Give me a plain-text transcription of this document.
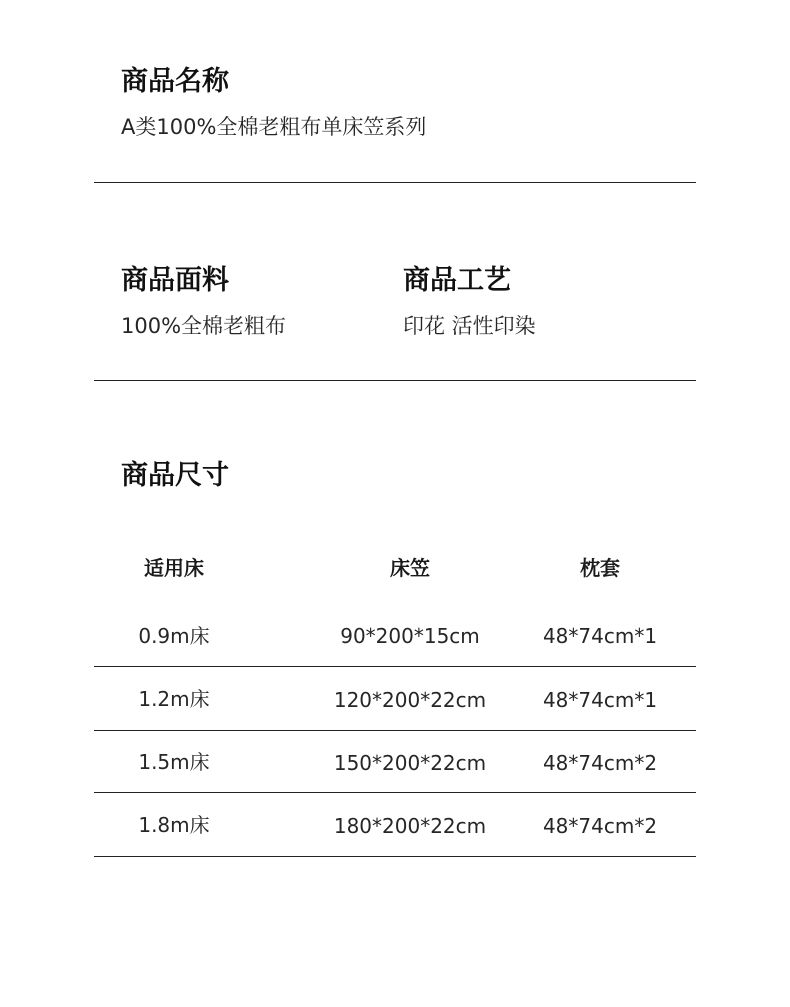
商品名称
A类100%全棉老粗布单床笠系列
商品面料
100%全棉老粗布
商品工艺
印花 活性印染
商品尺寸
适用床	床笠	枕套
0.9m床	90*200*15cm	48*74cm*1
1.2m床	120*200*22cm	48*74cm*1
1.5m床	150*200*22cm	48*74cm*2
1.8m床	180*200*22cm	48*74cm*2
